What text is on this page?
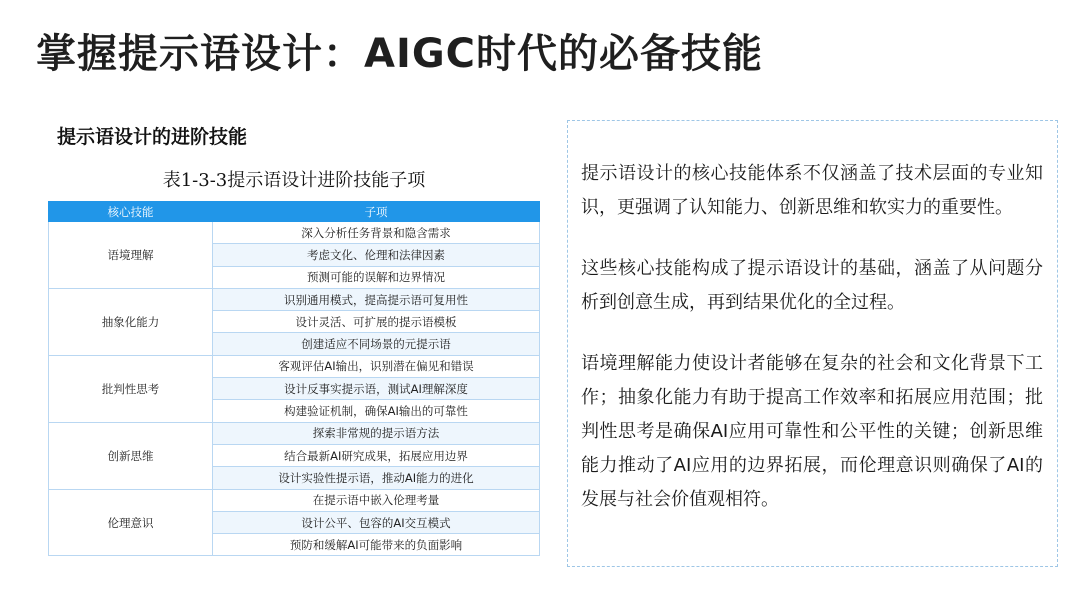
掌握提示语设计：AIGC时代的必备技能
提示语设计的进阶技能
表1-3-3提示语设计进阶技能子项
核心技能	子项
语境理解	深入分析任务背景和隐含需求
	考虑文化、伦理和法律因素
	预测可能的误解和边界情况
抽象化能力	识别通用模式，提高提示语可复用性
	设计灵活、可扩展的提示语模板
	创建适应不同场景的元提示语
批判性思考	客观评估AI输出，识别潜在偏见和错误
	设计反事实提示语，测试AI理解深度
	构建验证机制，确保AI输出的可靠性
创新思维	探索非常规的提示语方法
	结合最新AI研究成果，拓展应用边界
	设计实验性提示语，推动AI能力的进化
伦理意识	在提示语中嵌入伦理考量
	设计公平、包容的AI交互模式
	预防和缓解AI可能带来的负面影响

提示语设计的核心技能体系不仅涵盖了技术层面的专业知识，更强调了认知能力、创新思维和软实力的重要性。

这些核心技能构成了提示语设计的基础，涵盖了从问题分析到创意生成，再到结果优化的全过程。

语境理解能力使设计者能够在复杂的社会和文化背景下工作；抽象化能力有助于提高工作效率和拓展应用范围；批判性思考是确保AI应用可靠性和公平性的关键；创新思维能力推动了AI应用的边界拓展，而伦理意识则确保了AI的发展与社会价值观相符。
